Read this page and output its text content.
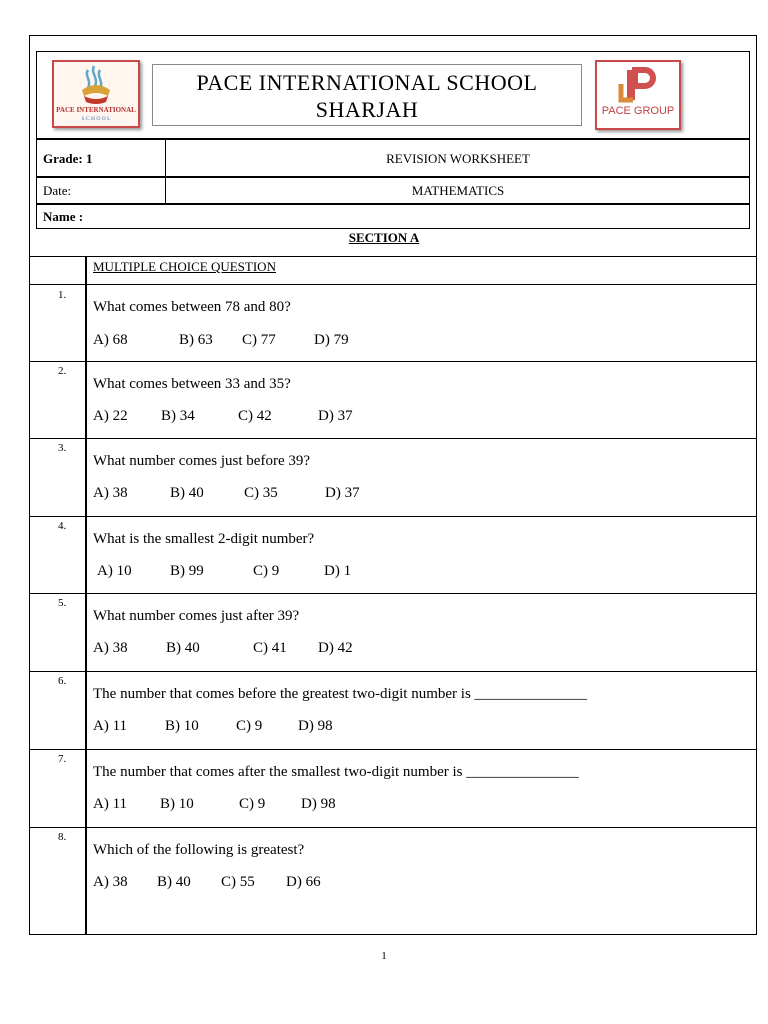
PACE INTERNATIONAL
S C H O O L
PACE INTERNATIONAL SCHOOL
SHARJAH	PACE GROUP
Grade: 1	REVISION WORKSHEET
Date:	MATHEMATICS
Name :
SECTION A
MULTIPLE CHOICE QUESTION
1.
What comes between 78 and 80?
A) 68	B) 63 C) 77	D) 79
2.
What comes between 33 and 35?
A) 22 B) 34	C) 42	D) 37
3.
What number comes just before 39?
A) 38	B) 40	C) 35	D) 37
4.
What is the smallest 2-digit number?
A) 10	B) 99	C) 9	D) 1
5.
What number comes just after 39?
A) 38	B) 40	C) 41 D) 42
6.
The number that comes before the greatest two-digit number is _______________
A) 11	B) 10 C) 9 D) 98
7.
The number that comes after the smallest two-digit number is _______________
A) 11 B) 10	C) 9 D) 98
8.
Which of the following is greatest?
A) 38 B) 40 C) 55 D) 66
1
